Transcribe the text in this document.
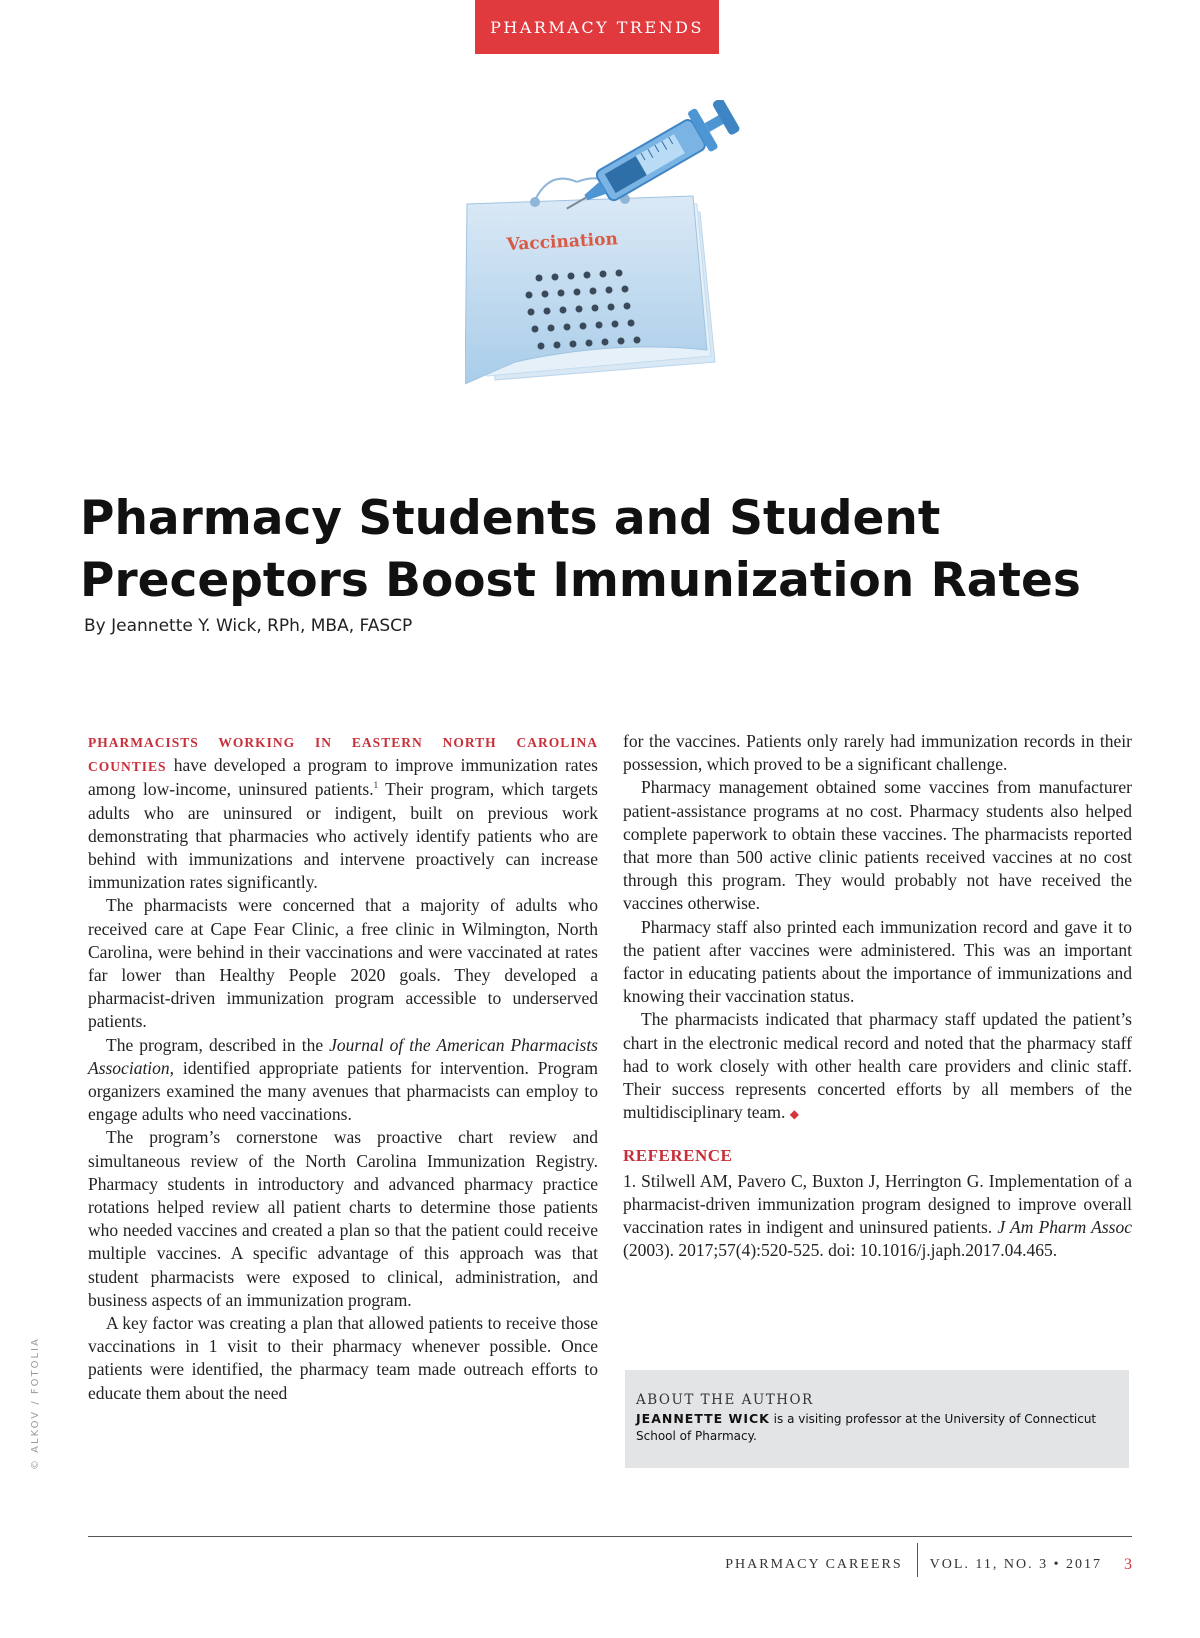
PHARMACY TRENDS
Vaccination
Pharmacy Students and Student Preceptors Boost Immunization Rates
By Jeannette Y. Wick, RPh, MBA, FASCP

PHARMACISTS WORKING IN EASTERN NORTH CAROLINA COUNTIES have developed a program to improve immunization rates among low-income, uninsured patients.$^1$ Their program, which targets adults who are uninsured or indigent, built on previous work demonstrating that pharmacies who actively identify patients who are behind with immunizations and intervene proactively can increase immunization rates significantly.

The pharmacists were concerned that a majority of adults who received care at Cape Fear Clinic, a free clinic in Wilmington, North Carolina, were behind in their vaccinations and were vaccinated at rates far lower than Healthy People 2020 goals. They developed a pharmacist-driven immunization program accessible to underserved patients.

The program, described in the Journal of the American Pharmacists Association, identified appropriate patients for intervention. Program organizers examined the many avenues that pharmacists can employ to engage adults who need vaccinations.

The program’s cornerstone was proactive chart review and simultaneous review of the North Carolina Immunization Registry. Pharmacy students in introductory and advanced pharmacy practice rotations helped review all patient charts to determine those patients who needed vaccines and created a plan so that the patient could receive multiple vaccines. A specific advantage of this approach was that student pharmacists were exposed to clinical, administration, and business aspects of an immunization program.

A key factor was creating a plan that allowed patients to receive those vaccinations in 1 visit to their pharmacy whenever possible. Once patients were identified, the pharmacy team made outreach efforts to educate them about the need

for the vaccines. Patients only rarely had immunization records in their possession, which proved to be a significant challenge.

Pharmacy management obtained some vaccines from manufacturer patient-assistance programs at no cost. Pharmacy students also helped complete paperwork to obtain these vaccines. The pharmacists reported that more than 500 active clinic patients received vaccines at no cost through this program. They would probably not have received the vaccines otherwise.

Pharmacy staff also printed each immunization record and gave it to the patient after vaccines were administered. This was an important factor in educating patients about the importance of immunizations and knowing their vaccination status.

The pharmacists indicated that pharmacy staff updated the patient’s chart in the electronic medical record and noted that the pharmacy staff had to work closely with other health care providers and clinic staff. Their success represents concerted efforts by all members of the multidisciplinary team. ◆

REFERENCE

1. Stilwell AM, Pavero C, Buxton J, Herrington G. Implementation of a pharmacist-driven immunization program designed to improve overall vaccination rates in indigent and uninsured patients. J Am Pharm Assoc (2003). 2017;57(4):520-525. doi: 10.1016/j.japh.2017.04.465.

ABOUT THE AUTHOR
JEANNETTE WICK is a visiting professor at the University of Connecticut School of Pharmacy.
© ALKOV / FOTOLIA
PHARMACY CAREERS	VOL. 11, NO. 3 • 2017	3
